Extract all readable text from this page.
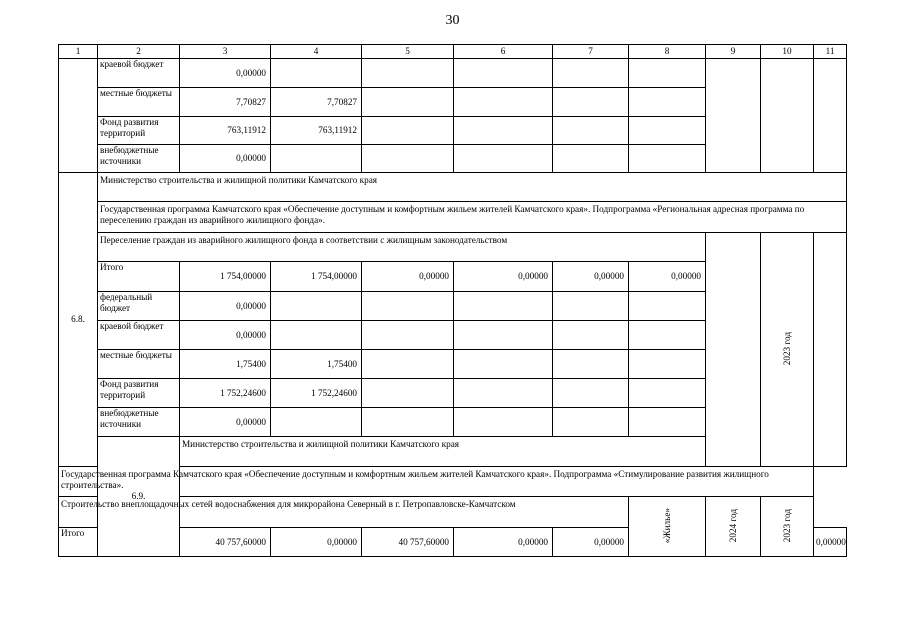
30
1	2	3	4	5	6	7	8	9	10	11
	краевой бюджет	0,00000								
	местные бюджеты	7,70827	7,70827							
	Фонд развития территорий	763,11912	763,11912							
	внебюджетные источники	0,00000								
6.8.	Министерство строительства и жилищной политики Камчатского края									
	Государственная программа Камчатского края «Обеспечение доступным и комфортным жильем жителей Камчатского края». Подпрограмма «Региональная адресная программа по переселению граждан из аварийного жилищного фонда».									
	Переселение граждан из аварийного жилищного фонда в соответствии с жилищным законодательством								2023 год	
	Итого	1 754,00000	1 754,00000	0,00000	0,00000	0,00000	0,00000			
	федеральный бюджет	0,00000								
	краевой бюджет	0,00000								
	местные бюджеты	1,75400	1,75400							
	Фонд развития территорий	1 752,24600	1 752,24600							
	внебюджетные источники	0,00000								
	6.9.	Министерство строительства и жилищной политики Камчатского края								
Государственная программа Камчатского края «Обеспечение доступным и комфортным жильем жителей Камчатского края». Подпрограмма «Стимулирование развития жилищного строительства».										
Строительство внеплощадочных сетей водоснабжения для микрорайона Северный в г. Петропавловске-Камчатском							«Жилье»	2024 год	2023 год	
Итого		40 757,60000	0,00000	40 757,60000	0,00000	0,00000				0,00000
